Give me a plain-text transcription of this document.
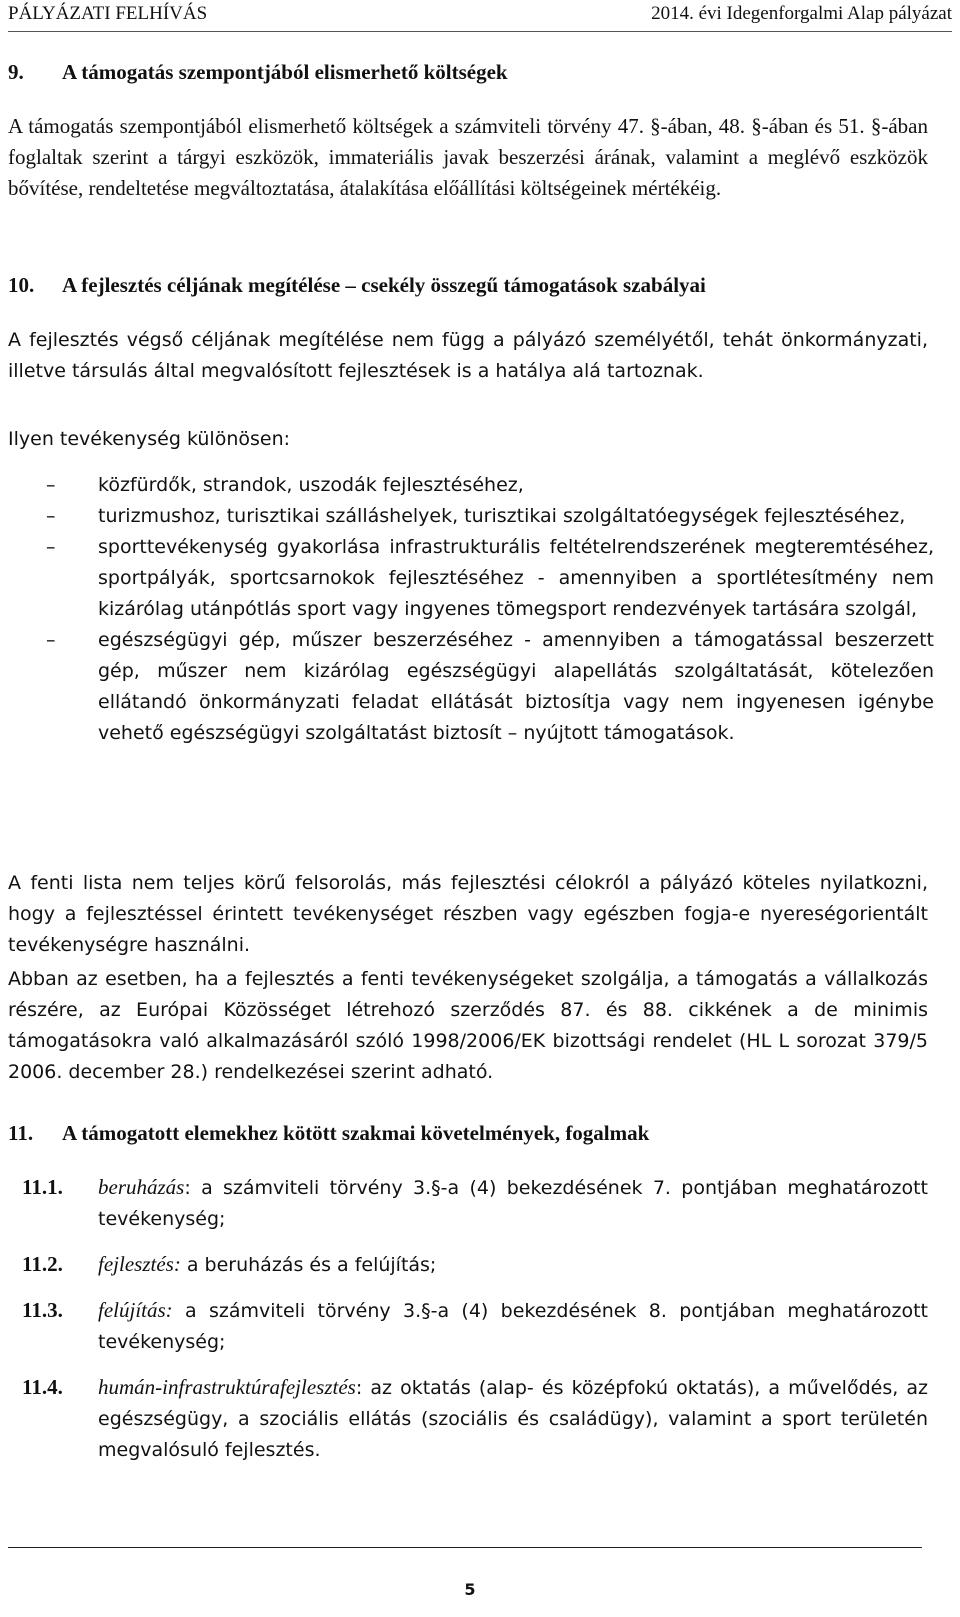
PÁLYÁZATI FELHÍVÁS	2014. évi Idegenforgalmi Alap pályázat
9. A támogatás szempontjából elismerhető költségek

A támogatás szempontjából elismerhető költségek a számviteli törvény 47. §-ában, 48. §-ában és 51. §-ában foglaltak szerint a tárgyi eszközök, immateriális javak beszerzési árának, valamint a meglévő eszközök bővítése, rendeltetése megváltoztatása, átalakítása előállítási költségeinek mértékéig.

10. A fejlesztés céljának megítélése – csekély összegű támogatások szabályai

A fejlesztés végső céljának megítélése nem függ a pályázó személyétől, tehát önkormányzati, illetve társulás által megvalósított fejlesztések is a hatálya alá tartoznak.

Ilyen tevékenység különösen:

– közfürdők, strandok, uszodák fejlesztéséhez,
– turizmushoz, turisztikai szálláshelyek, turisztikai szolgáltatóegységek fejlesztéséhez,
– sporttevékenység gyakorlása infrastrukturális feltételrendszerének megteremtéséhez, sportpályák, sportcsarnokok fejlesztéséhez - amennyiben a sportlétesítmény nem kizárólag utánpótlás sport vagy ingyenes tömegsport rendezvények tartására szolgál,
– egészségügyi gép, műszer beszerzéséhez - amennyiben a támogatással beszerzett gép, műszer nem kizárólag egészségügyi alapellátás szolgáltatását, kötelezően ellátandó önkormányzati feladat ellátását biztosítja vagy nem ingyenesen igénybe vehető egészségügyi szolgáltatást biztosít – nyújtott támogatások.

A fenti lista nem teljes körű felsorolás, más fejlesztési célokról a pályázó köteles nyilatkozni, hogy a fejlesztéssel érintett tevékenységet részben vagy egészben fogja-e nyereségorientált tevékenységre használni.

Abban az esetben, ha a fejlesztés a fenti tevékenységeket szolgálja, a támogatás a vállalkozás részére, az Európai Közösséget létrehozó szerződés 87. és 88. cikkének a de minimis támogatásokra való alkalmazásáról szóló 1998/2006/EK bizottsági rendelet (HL L sorozat 379/5 2006. december 28.) rendelkezései szerint adható.

11. A támogatott elemekhez kötött szakmai követelmények, fogalmak
11.1. beruházás: a számviteli törvény 3.§-a (4) bekezdésének 7. pontjában meghatározott tevékenység;
11.2. fejlesztés: a beruházás és a felújítás;
11.3. felújítás: a számviteli törvény 3.§-a (4) bekezdésének 8. pontjában meghatározott tevékenység;
11.4. humán-infrastruktúrafejlesztés: az oktatás (alap- és középfokú oktatás), a művelődés, az egészségügy, a szociális ellátás (szociális és családügy), valamint a sport területén megvalósuló fejlesztés.
5
